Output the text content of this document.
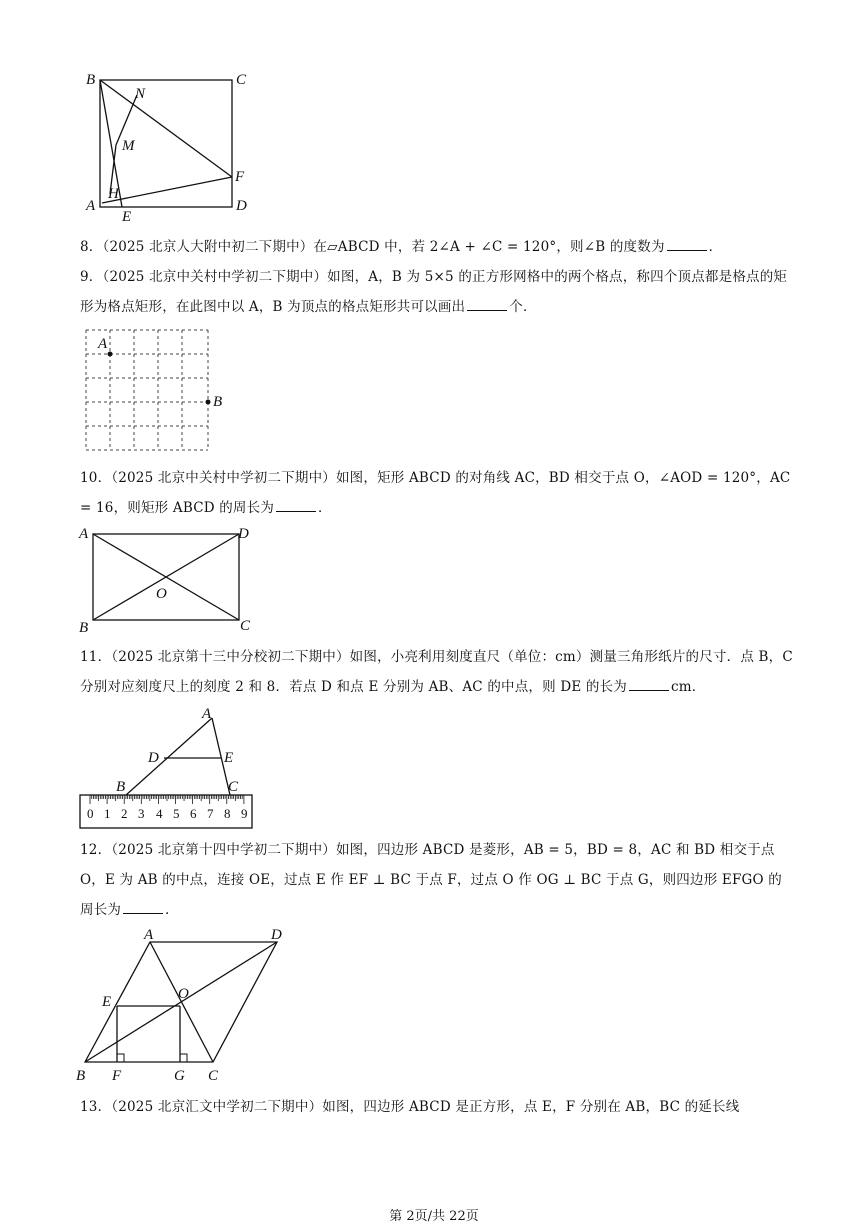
B	C
N
M
F
H
A
E
D
8．（2025 北京人大附中初二下期中）在▱ABCD 中，若 2∠A + ∠C = 120°，则∠B 的度数为	．
9．（2025 北京中关村中学初二下期中）如图，A，B 为 5×5 的正方形网格中的两个格点，称四个顶点都是格点的矩形为格点矩形，在此图中以 A，B 为顶点的格点矩形共可以画出	个．
A
B
10．（2025 北京中关村中学初二下期中）如图，矩形 ABCD 的对角线 AC，BD 相交于点 O，∠AOD = 120°，AC = 16，则矩形 ABCD 的周长为	．
A	D
O
B	C
11．（2025 北京第十三中分校初二下期中）如图，小亮利用刻度直尺（单位：cm）测量三角形纸片的尺寸．点 B，C 分别对应刻度尺上的刻度 2 和 8．若点 D 和点 E 分别为 AB、AC 的中点，则 DE 的长为	cm．
A
D	E
B	C
0 1 2 3 4 5 6 7 8 9
12．（2025 北京第十四中学初二下期中）如图，四边形 ABCD 是菱形，AB = 5，BD = 8，AC 和 BD 相交于点 O，E 为 AB 的中点，连接 OE，过点 E 作 EF ⊥ BC 于点 F，过点 O 作 OG ⊥ BC 于点 G，则四边形 EFGO 的周长为	．
A	D
E	O
B F	G C
13．（2025 北京汇文中学初二下期中）如图，四边形 ABCD 是正方形，点 E，F 分别在 AB，BC 的延长线
第 2页/共 22页
